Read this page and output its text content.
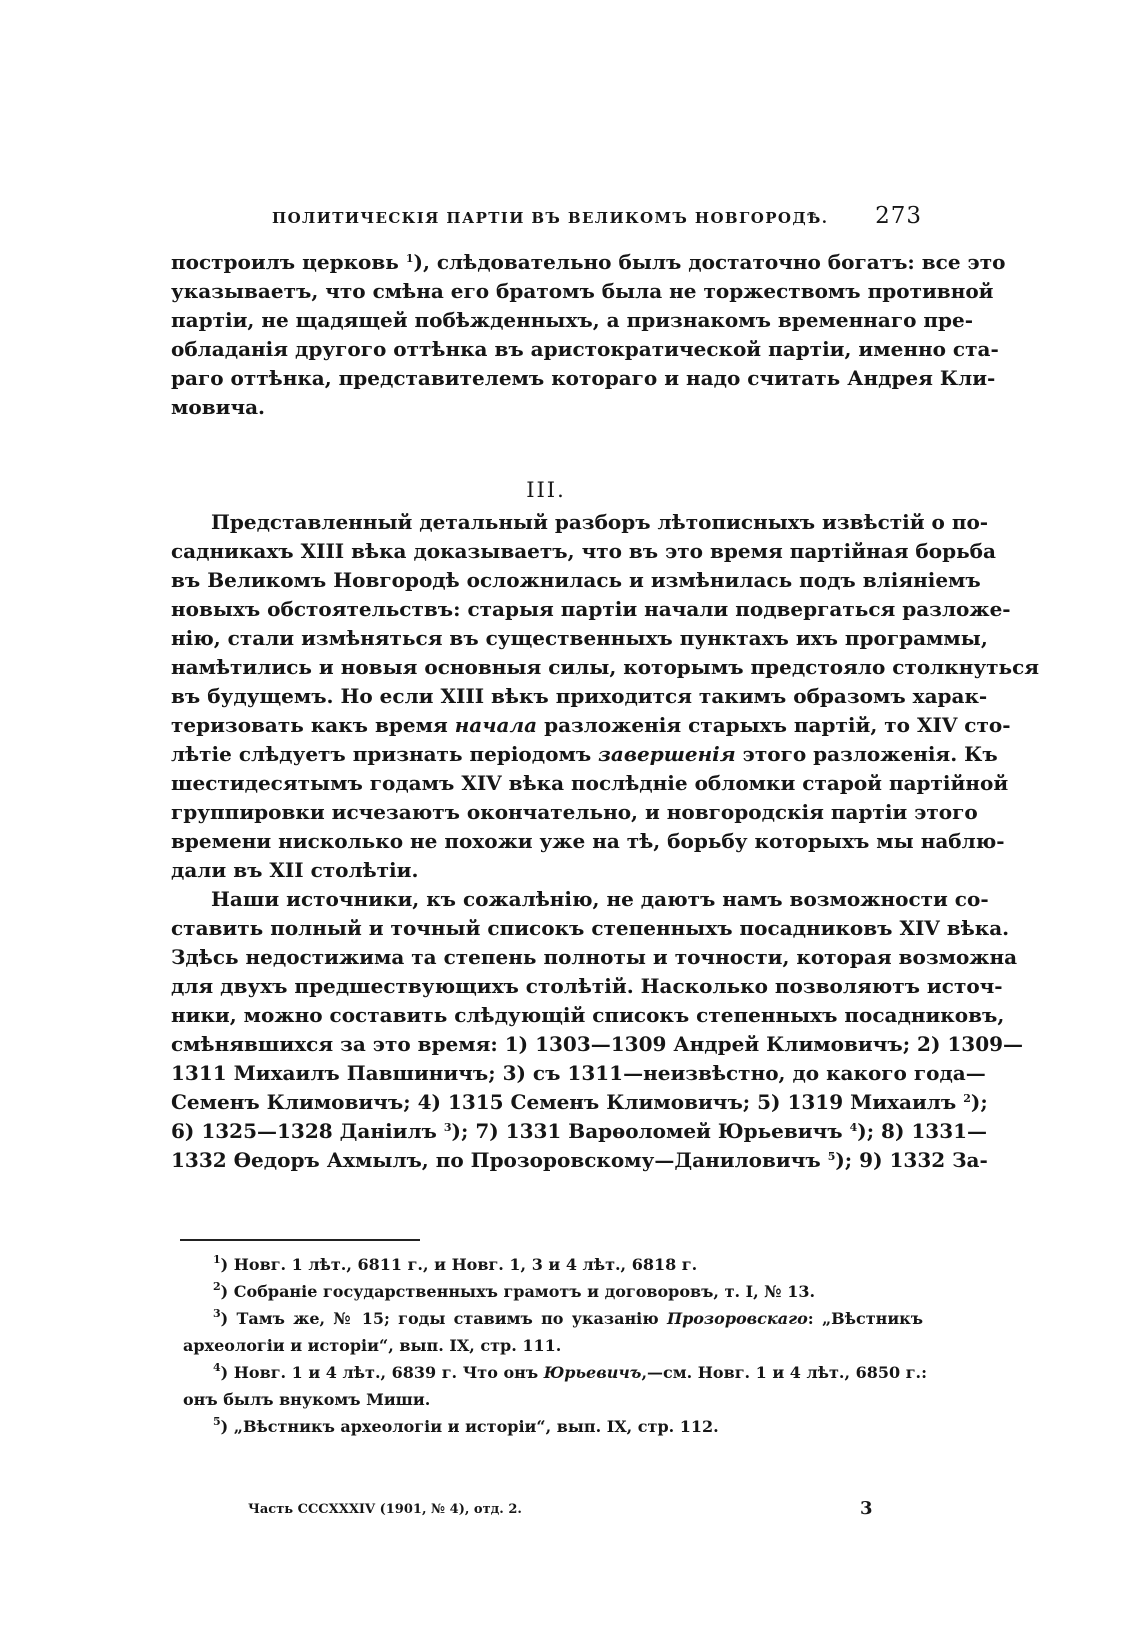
ПОЛИТИЧЕСКІЯ ПАРТІИ ВЪ ВЕЛИКОМЪ НОВГОРОДѢ. 273
построилъ церковь $^1$), слѣдовательно былъ достаточно богатъ: все это
указываетъ, что смѣна его братомъ была не торжествомъ противной
партіи, не щадящей побѣжденныхъ, а признакомъ временнаго пре-
обладанія другого оттѣнка въ аристократической партіи, именно ста-
раго оттѣнка, представителемъ котораго и надо считать Андрея Кли-
мовича.
III.
Представленный детальный разборъ лѣтописныхъ извѣстій о по-
садникахъ XIII вѣка доказываетъ, что въ это время партійная борьба
въ Великомъ Новгородѣ осложнилась и измѣнилась подъ вліяніемъ
новыхъ обстоятельствъ: старыя партіи начали подвергаться разложе-
нію, стали измѣняться въ существенныхъ пунктахъ ихъ программы,
намѣтились и новыя основныя силы, которымъ предстояло столкнуться
въ будущемъ. Но если XIII вѣкъ приходится такимъ образомъ харак-
теризовать какъ время начала разложенія старыхъ партій, то XIV сто-
лѣтіе слѣдуетъ признать періодомъ завершенія этого разложенія. Къ
шестидесятымъ годамъ XIV вѣка послѣдніе обломки старой партійной
группировки исчезаютъ окончательно, и новгородскія партіи этого
времени нисколько не похожи уже на тѣ, борьбу которыхъ мы наблю-
дали въ XII столѣтіи.
Наши источники, къ сожалѣнію, не даютъ намъ возможности со-
ставить полный и точный списокъ степенныхъ посадниковъ XIV вѣка.
Здѣсь недостижима та степень полноты и точности, которая возможна
для двухъ предшествующихъ столѣтій. Насколько позволяютъ источ-
ники, можно составить слѣдующій списокъ степенныхъ посадниковъ,
смѣнявшихся за это время: 1) 1303—1309 Андрей Климовичъ; 2) 1309—
1311 Михаилъ Павшиничъ; 3) съ 1311—неизвѣстно, до какого года—
Семенъ Климовичъ; 4) 1315 Семенъ Климовичъ; 5) 1319 Михаилъ $^2$);
6) 1325—1328 Даніилъ $^3$); 7) 1331 Варѳоломей Юрьевичъ $^4$); 8) 1331—
1332 Ѳедоръ Ахмылъ, по Прозоровскому—Даниловичъ $^5$); 9) 1332 За-
$^1$) Новг. 1 лѣт., 6811 г., и Новг. 1, 3 и 4 лѣт., 6818 г.
$^2$) Собраніе государственныхъ грамотъ и договоровъ, т. I, № 13.
$^3$) Тамъ же, № 15; годы ставимъ по указанію Прозоровскаго: „Вѣстникъ
археологіи и исторіи“, вып. IX, стр. 111.
$^4$) Новг. 1 и 4 лѣт., 6839 г. Что онъ Юрьевичъ,—см. Новг. 1 и 4 лѣт., 6850 г.:
онъ былъ внукомъ Миши.
$^5$) „Вѣстникъ археологіи и исторіи“, вып. IX, стр. 112.
Часть CCCXXXIV (1901, № 4), отд. 2.	3
